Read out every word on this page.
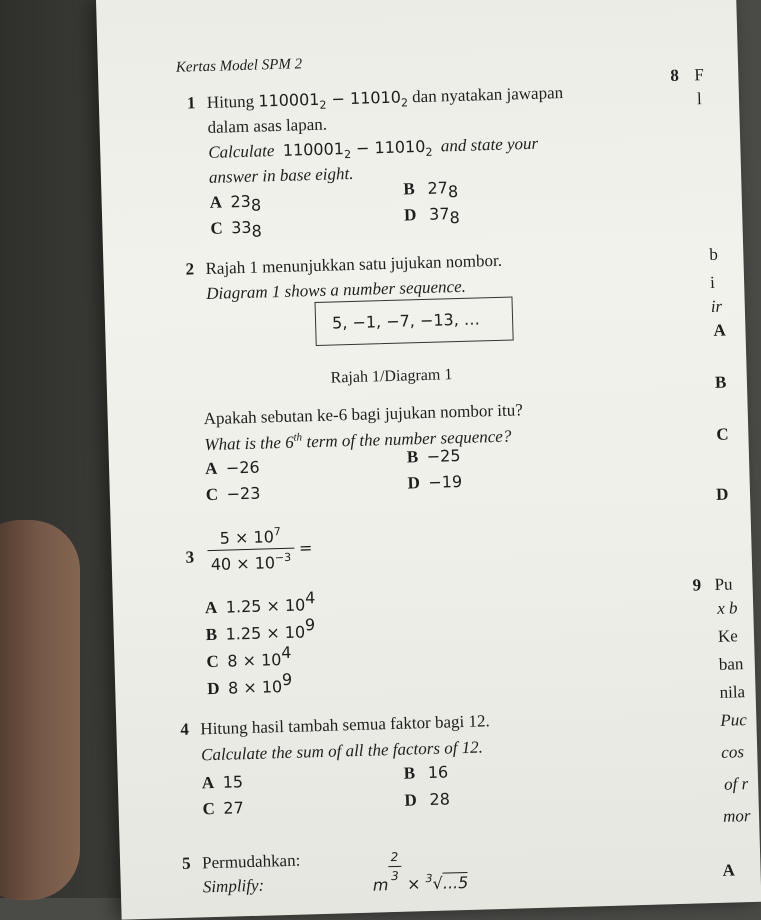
Kertas Model SPM 2
1 Hitung $110001_2 - 11010_2$ dan nyatakan jawapan
dalam asas lapan.
Calculate $110001_2 - 11010_2$ and state your
answer in base eight.
A $23_8$
B $27_8$
C $33_8$
D $37_8$
2 Rajah 1 menunjukkan satu jujukan nombor.
Diagram 1 shows a number sequence.
5, −1, −7, −13, …
Rajah 1/Diagram 1
Apakah sebutan ke-6 bagi jujukan nombor itu?
What is the 6th term of the number sequence?
A −26
B −25
C −23
D −19
$3 \frac{5 \times 10^7}{40 \times 10^{-3}}$ =
A $1.25 \times 10^4$
B $1.25 \times 10^9$
C $8 \times 10^4$
D $8 \times 10^9$
4 Hitung hasil tambah semua faktor bagi 12.
Calculate the sum of all the factors of 12.
A 15	B 16
C 27	D 28
5 Permudahkan:
Simplify:	m
$\frac{2}{3}$
× $^3$√...5
8 F
l
b
i
ir
A
B
C
D
9 Pu
x b
Ke
ban
nila
Puc
cos
of r
mor
A
